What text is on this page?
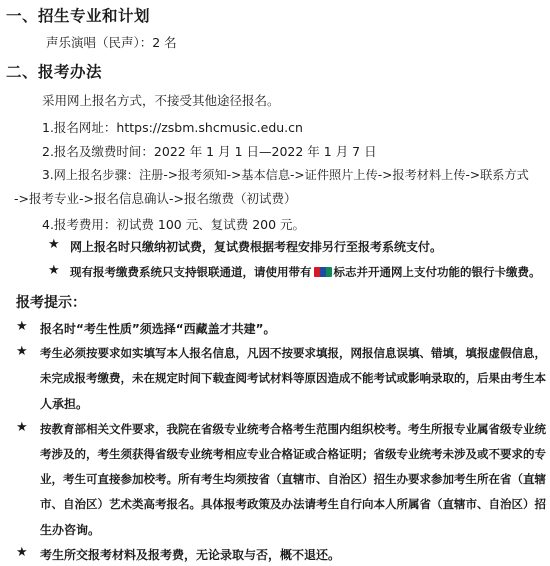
一、招生专业和计划
声乐演唱（民声）：2 名
二、报考办法
采用网上报名方式，不接受其他途径报名。
1.报名网址：https://zsbm.shcmusic.edu.cn
2.报名及缴费时间：2022 年 1 月 1 日—2022 年 1 月 7 日
3.网上报名步骤：注册->报考须知->基本信息->证件照片上传->报考材料上传->联系方式
->报考专业->报名信息确认->报名缴费（初试费）
4.报考费用：初试费 100 元、复试费 200 元。
★ 网上报名时只缴纳初试费，复试费根据考程安排另行至报考系统支付。
★ 现有报考缴费系统只支持银联通道，请使用带有 标志并开通网上支付功能的银行卡缴费。
报考提示：
★ 报名时“考生性质”须选择“西藏盖才共建”。
★ 考生必须按要求如实填写本人报名信息，凡因不按要求填报，网报信息误填、错填，填报虚假信息，
未完成报考缴费，未在规定时间下载查阅考试材料等原因造成不能考试或影响录取的，后果由考生本
人承担。
★ 按教育部相关文件要求，我院在省级专业统考合格考生范围内组织校考。考生所报专业属省级专业统
考涉及的，考生须获得省级专业统考相应专业合格证或合格证明；省级专业统考未涉及或不要求的专
业，考生可直接参加校考。所有考生均须按省（直辖市、自治区）招生办要求参加考生所在省（直辖
市、自治区）艺术类高考报名。具体报考政策及办法请考生自行向本人所属省（直辖市、自治区）招
生办咨询。
★ 考生所交报考材料及报考费，无论录取与否，概不退还。
